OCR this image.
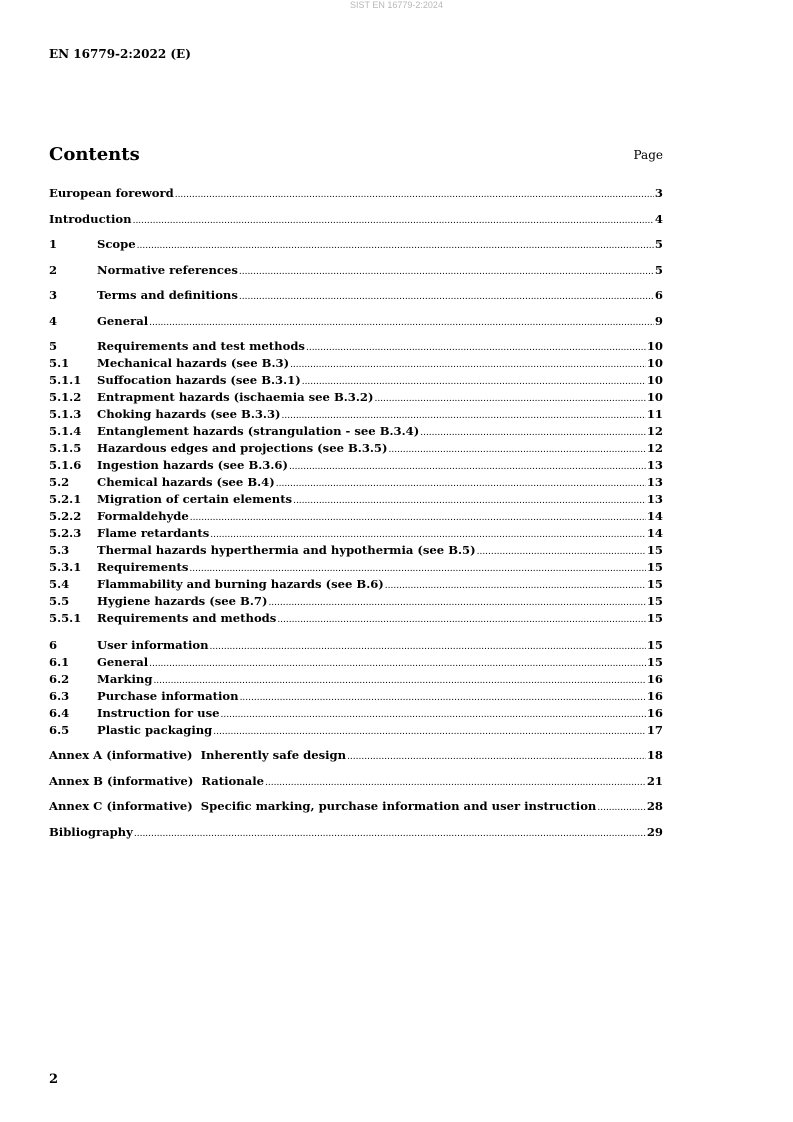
SIST EN 16779-2:2024
EN 16779-2:2022 (E)
Contents	Page
European foreword .....	3
Introduction .....	4
1	Scope .....	5
2	Normative references .....	5
3	Terms and definitions .....	6
4	General .....	9
5	Requirements and test methods .....	10
5.1	Mechanical hazards (see B.3) .....	10
5.1.1	Suffocation hazards (see B.3.1) .....	10
5.1.2	Entrapment hazards (ischaemia see B.3.2) .....	10
5.1.3	Choking hazards (see B.3.3) .....	11
5.1.4	Entanglement hazards (strangulation - see B.3.4) .....	12
5.1.5	Hazardous edges and projections (see B.3.5) .....	12
5.1.6	Ingestion hazards (see B.3.6) .....	13
5.2	Chemical hazards (see B.4) .....	13
5.2.1	Migration of certain elements .....	13
5.2.2	Formaldehyde .....	14
5.2.3	Flame retardants .....	14
5.3	Thermal hazards hyperthermia and hypothermia (see B.5) .....	15
5.3.1	Requirements .....	15
5.4	Flammability and burning hazards (see B.6) .....	15
5.5	Hygiene hazards (see B.7) .....	15
5.5.1	Requirements and methods .....	15
6	User information .....	15
6.1	General .....	15
6.2	Marking .....	16
6.3	Purchase information .....	16
6.4	Instruction for use .....	16
6.5	Plastic packaging .....	17
Annex A (informative)  Inherently safe design .....	18
Annex B (informative)  Rationale .....	21
Annex C (informative)  Specific marking, purchase information and user instruction .....	28
Bibliography .....	29
2
